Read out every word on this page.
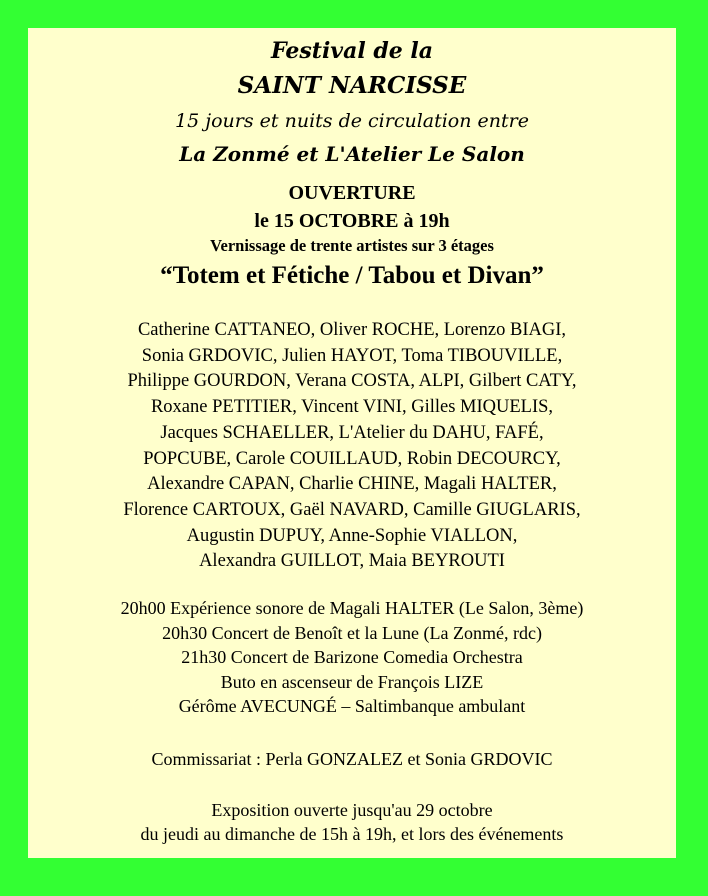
Festival de la
SAINT NARCISSE
15 jours et nuits de circulation entre
La Zonmé et L'Atelier Le Salon
OUVERTURE
le 15 OCTOBRE à 19h
Vernissage de trente artistes sur 3 étages
“Totem et Fétiche / Tabou et Divan”
Catherine CATTANEO, Oliver ROCHE, Lorenzo BIAGI,
Sonia GRDOVIC, Julien HAYOT, Toma TIBOUVILLE,
Philippe GOURDON, Verana COSTA, ALPI, Gilbert CATY,
Roxane PETITIER, Vincent VINI, Gilles MIQUELIS,
Jacques SCHAELLER, L'Atelier du DAHU, FAFÉ,
POPCUBE, Carole COUILLAUD, Robin DECOURCY,
Alexandre CAPAN, Charlie CHINE, Magali HALTER,
Florence CARTOUX, Gaël NAVARD, Camille GIUGLARIS,
Augustin DUPUY, Anne-Sophie VIALLON,
Alexandra GUILLOT, Maia BEYROUTI
20h00 Expérience sonore de Magali HALTER (Le Salon, 3ème)
20h30 Concert de Benoît et la Lune (La Zonmé, rdc)
21h30 Concert de Barizone Comedia Orchestra
Buto en ascenseur de François LIZE
Gérôme AVECUNGÉ – Saltimbanque ambulant
Commissariat : Perla GONZALEZ et Sonia GRDOVIC
Exposition ouverte jusqu'au 29 octobre
du jeudi au dimanche de 15h à 19h, et lors des événements
